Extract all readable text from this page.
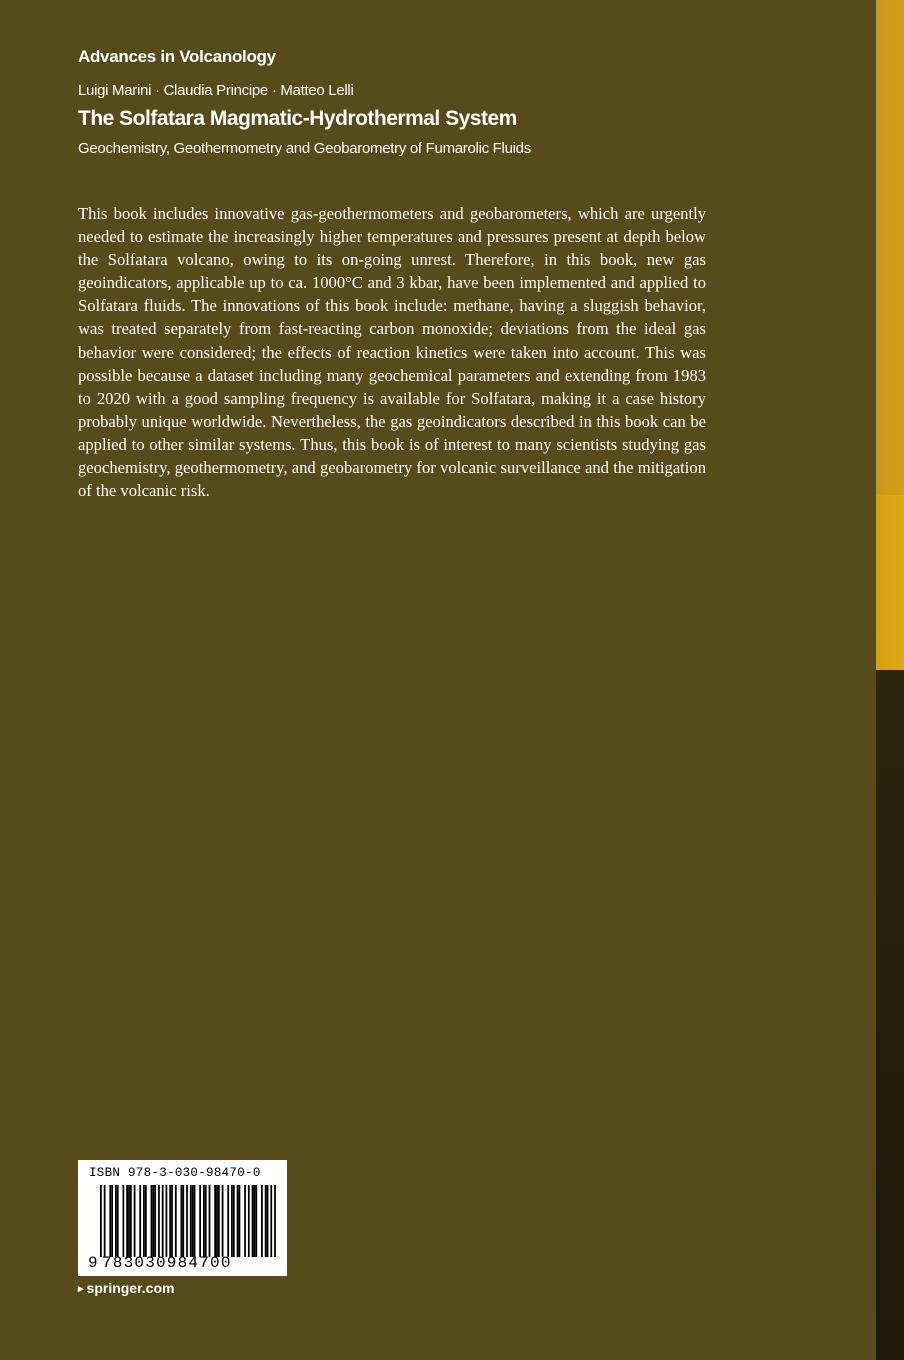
Advances in Volcanology
Luigi Marini · Claudia Principe · Matteo Lelli
The Solfatara Magmatic-Hydrothermal System
Geochemistry, Geothermometry and Geobarometry of Fumarolic Fluids

This book includes innovative gas-geothermometers and geobarometers, which are urgently needed to estimate the increasingly higher temperatures and pressures present at depth below the Solfatara volcano, owing to its on-going unrest. Therefore, in this book, new gas geoindicators, applicable up to ca. 1000°C and 3 kbar, have been implemented and applied to Solfatara fluids. The innovations of this book include: methane, having a sluggish behavior, was treated separately from fast-reacting carbon monoxide; deviations from the ideal gas behavior were considered; the effects of reaction kinetics were taken into account. This was possible because a dataset including many geochemical parameters and extending from 1983 to 2020 with a good sampling frequency is available for Solfatara, making it a case history probably unique worldwide. Nevertheless, the gas geoindicators described in this book can be applied to other similar systems. Thus, this book is of interest to many scientists studying gas geochemistry, geothermometry, and geobarometry for volcanic surveillance and the mitigation of the volcanic risk.

ISBN 978-3-030-98470-0
9 783030984700
▸ springer.com
